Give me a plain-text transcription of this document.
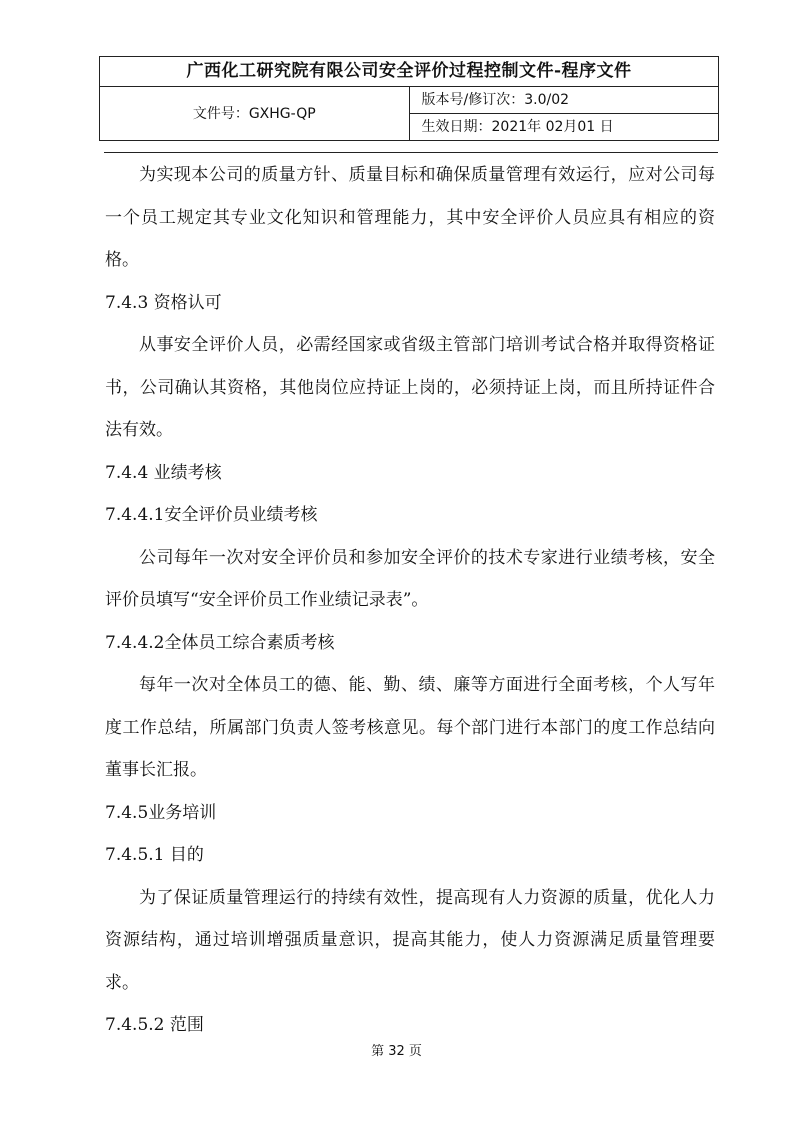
广西化工研究院有限公司安全评价过程控制文件-程序文件
文件号：GXHG-QP	版本号/修订次：3.0/02
生效日期：2021年 02月01 日

为实现本公司的质量方针、质量目标和确保质量管理有效运行，应对公司每一个员工规定其专业文化知识和管理能力，其中安全评价人员应具有相应的资格。

7.4.3 资格认可

从事安全评价人员，必需经国家或省级主管部门培训考试合格并取得资格证书，公司确认其资格，其他岗位应持证上岗的，必须持证上岗，而且所持证件合法有效。

7.4.4 业绩考核

7.4.4.1安全评价员业绩考核

公司每年一次对安全评价员和参加安全评价的技术专家进行业绩考核，安全评价员填写“安全评价员工作业绩记录表”。

7.4.4.2全体员工综合素质考核

每年一次对全体员工的德、能、勤、绩、廉等方面进行全面考核，个人写年度工作总结，所属部门负责人签考核意见。每个部门进行本部门的度工作总结向董事长汇报。

7.4.5业务培训

7.4.5.1 目的

为了保证质量管理运行的持续有效性，提高现有人力资源的质量，优化人力资源结构，通过培训增强质量意识，提高其能力，使人力资源满足质量管理要求。

7.4.5.2 范围

第 32 页
